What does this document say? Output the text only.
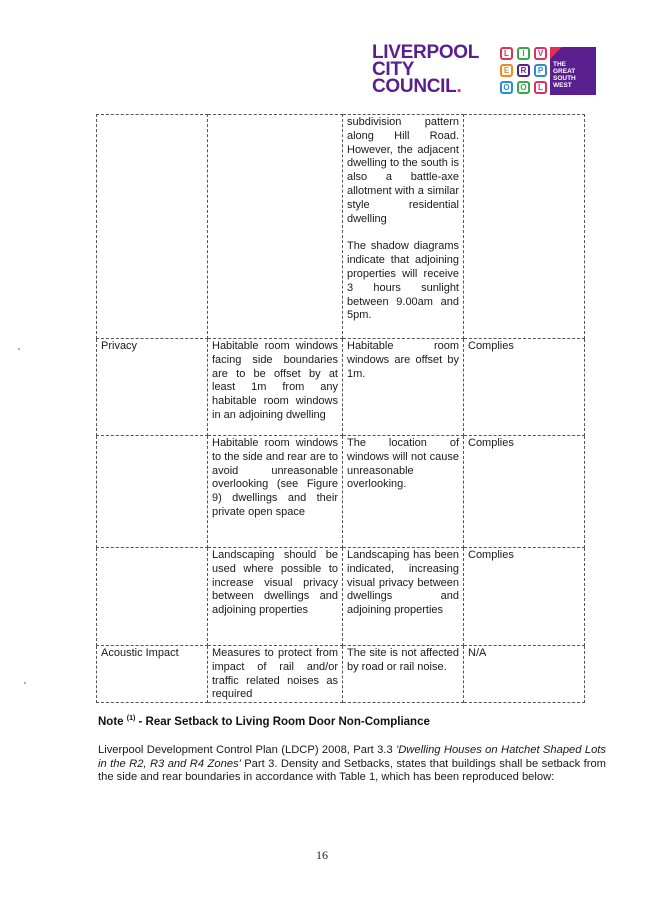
LIVERPOOL
CITY
COUNCIL.
L	I	V
E	R	P
O	O	L
THE
GREAT
SOUTH
WEST

		subdivision pattern along Hill Road. However, the adjacent dwelling to the south is also a battle-axe allotment with a similar style residential dwelling
The shadow diagrams indicate that adjoining properties will receive 3 hours sunlight between 9.00am and 5pm.	

Privacy	Habitable room windows facing side boundaries are to be offset by at least 1m from any habitable room windows in an adjoining dwelling	Habitable room windows are offset by 1m.	Complies
	Habitable room windows to the side and rear are to avoid unreasonable overlooking (see Figure 9) dwellings and their private open space	The location of windows will not cause unreasonable overlooking.	Complies
	Landscaping should be used where possible to increase visual privacy between dwellings and adjoining properties	Landscaping has been indicated, increasing visual privacy between dwellings and adjoining properties	Complies
Acoustic Impact	Measures to protect from impact of rail and/or traffic related noises as required	The site is not affected by road or rail noise.	N/A
Note $^{(1)}$ - Rear Setback to Living Room Door Non-Compliance
Liverpool Development Control Plan (LDCP) 2008, Part 3.3 'Dwelling Houses on Hatchet Shaped Lots in the R2, R3 and R4 Zones' Part 3. Density and Setbacks, states that buildings shall be setback from the side and rear boundaries in accordance with Table 1, which has been reproduced below:
16
